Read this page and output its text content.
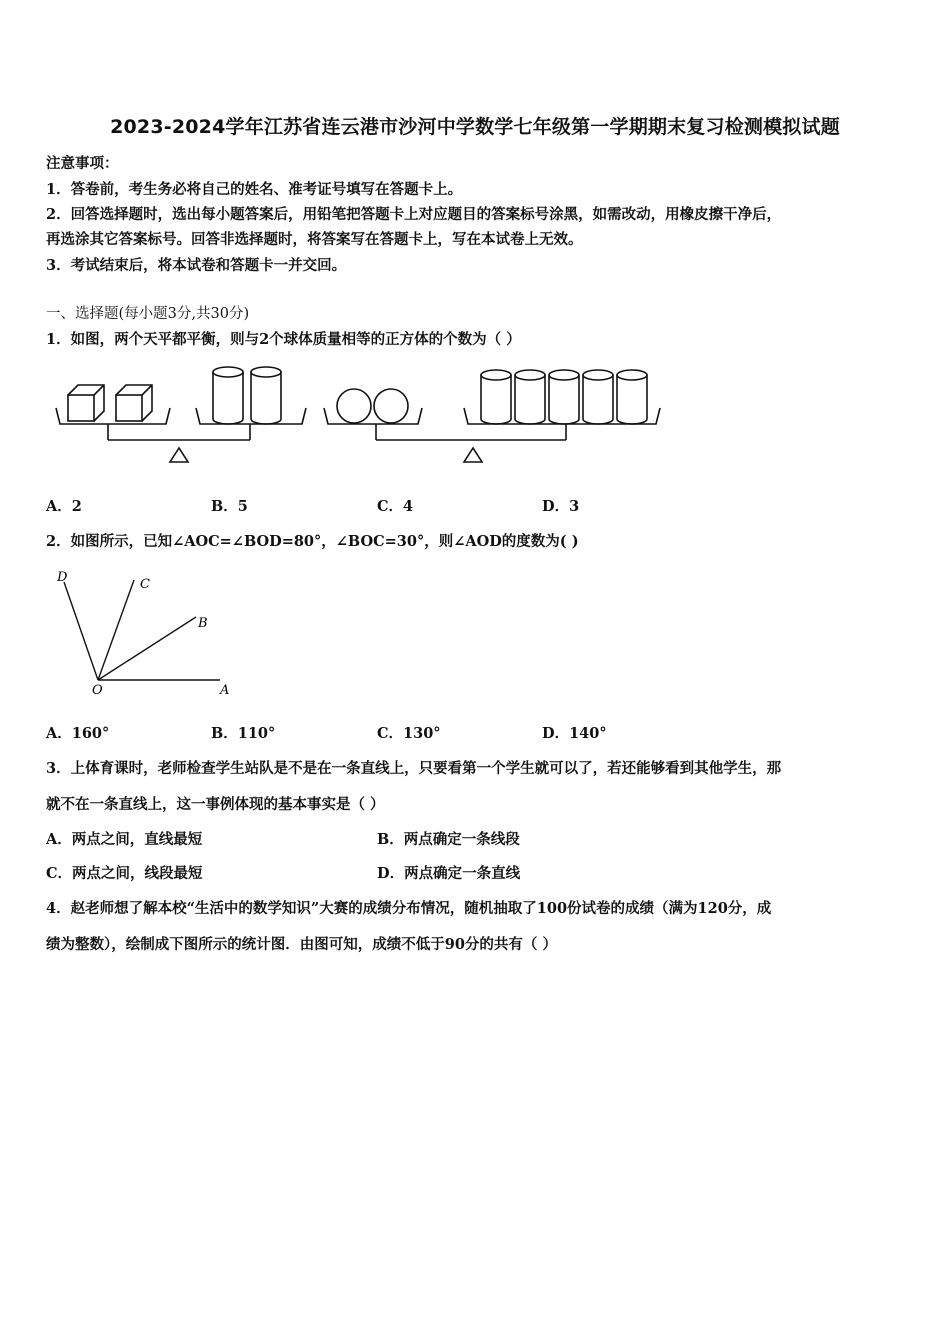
2023-2024学年江苏省连云港市沙河中学数学七年级第一学期期末复习检测模拟试题
注意事项：
1．答卷前，考生务必将自己的姓名、准考证号填写在答题卡上。
2．回答选择题时，选出每小题答案后，用铅笔把答题卡上对应题目的答案标号涂黑，如需改动，用橡皮擦干净后，
再选涂其它答案标号。回答非选择题时，将答案写在答题卡上，写在本试卷上无效。
3．考试结束后，将本试卷和答题卡一并交回。
一、选择题(每小题3分,共30分)
1．如图，两个天平都平衡，则与2个球体质量相等的正方体的个数为（ ）
A．2	B．5	C．4	D．3
2．如图所示，已知∠AOC=∠BOD=80°，∠BOC=30°，则∠AOD的度数为( )
D	C
B
O	A
A．160°	B．110°	C．130°	D．140°
3．上体育课时，老师检查学生站队是不是在一条直线上，只要看第一个学生就可以了，若还能够看到其他学生，那
就不在一条直线上，这一事例体现的基本事实是（ ）
A．两点之间，直线最短	B．两点确定一条线段
C．两点之间，线段最短	D．两点确定一条直线
4．赵老师想了解本校“生活中的数学知识”大赛的成绩分布情况，随机抽取了100份试卷的成绩（满为120分，成
绩为整数），绘制成下图所示的统计图．由图可知，成绩不低于90分的共有（ ）
